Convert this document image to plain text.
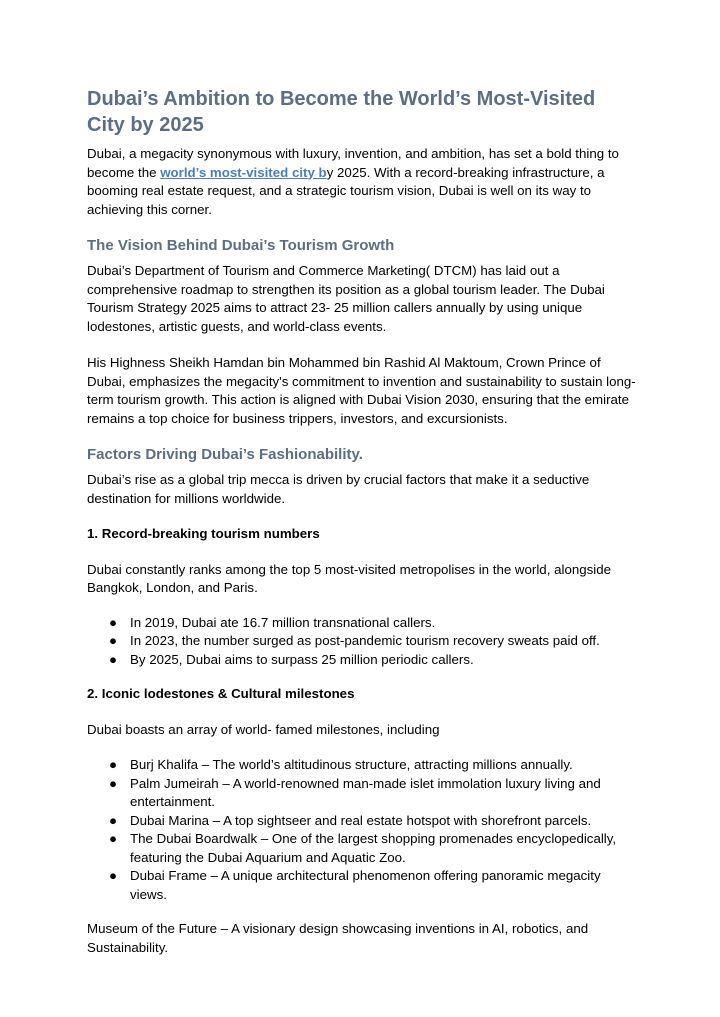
Dubai’s Ambition to Become the World’s Most-Visited City by 2025

Dubai, a megacity synonymous with luxury, invention, and ambition, has set a bold thing to become the world’s most-visited city by 2025. With a record-breaking infrastructure, a booming real estate request, and a strategic tourism vision, Dubai is well on its way to achieving this corner.

The Vision Behind Dubai’s Tourism Growth

Dubai’s Department of Tourism and Commerce Marketing( DTCM) has laid out a comprehensive roadmap to strengthen its position as a global tourism leader. The Dubai Tourism Strategy 2025 aims to attract 23- 25 million callers annually by using unique lodestones, artistic guests, and world-class events.

His Highness Sheikh Hamdan bin Mohammed bin Rashid Al Maktoum, Crown Prince of Dubai, emphasizes the megacity's commitment to invention and sustainability to sustain long-term tourism growth. This action is aligned with Dubai Vision 2030, ensuring that the emirate remains a top choice for business trippers, investors, and excursionists.

Factors Driving Dubai’s Fashionability.

Dubai’s rise as a global trip mecca is driven by crucial factors that make it a seductive destination for millions worldwide.

1. Record-breaking tourism numbers

Dubai constantly ranks among the top 5 most-visited metropolises in the world, alongside Bangkok, London, and Paris.

● In 2019, Dubai ate 16.7 million transnational callers.
● In 2023, the number surged as post-pandemic tourism recovery sweats paid off.
● By 2025, Dubai aims to surpass 25 million periodic callers.

2. Iconic lodestones & Cultural milestones

Dubai boasts an array of world- famed milestones, including

● Burj Khalifa – The world’s altitudinous structure, attracting millions annually.
● Palm Jumeirah – A world-renowned man-made islet immolation luxury living and entertainment.
● Dubai Marina – A top sightseer and real estate hotspot with shorefront parcels.
● The Dubai Boardwalk – One of the largest shopping promenades encyclopedically, featuring the Dubai Aquarium and Aquatic Zoo.
● Dubai Frame – A unique architectural phenomenon offering panoramic megacity views.

Museum of the Future – A visionary design showcasing inventions in AI, robotics, and Sustainability.
